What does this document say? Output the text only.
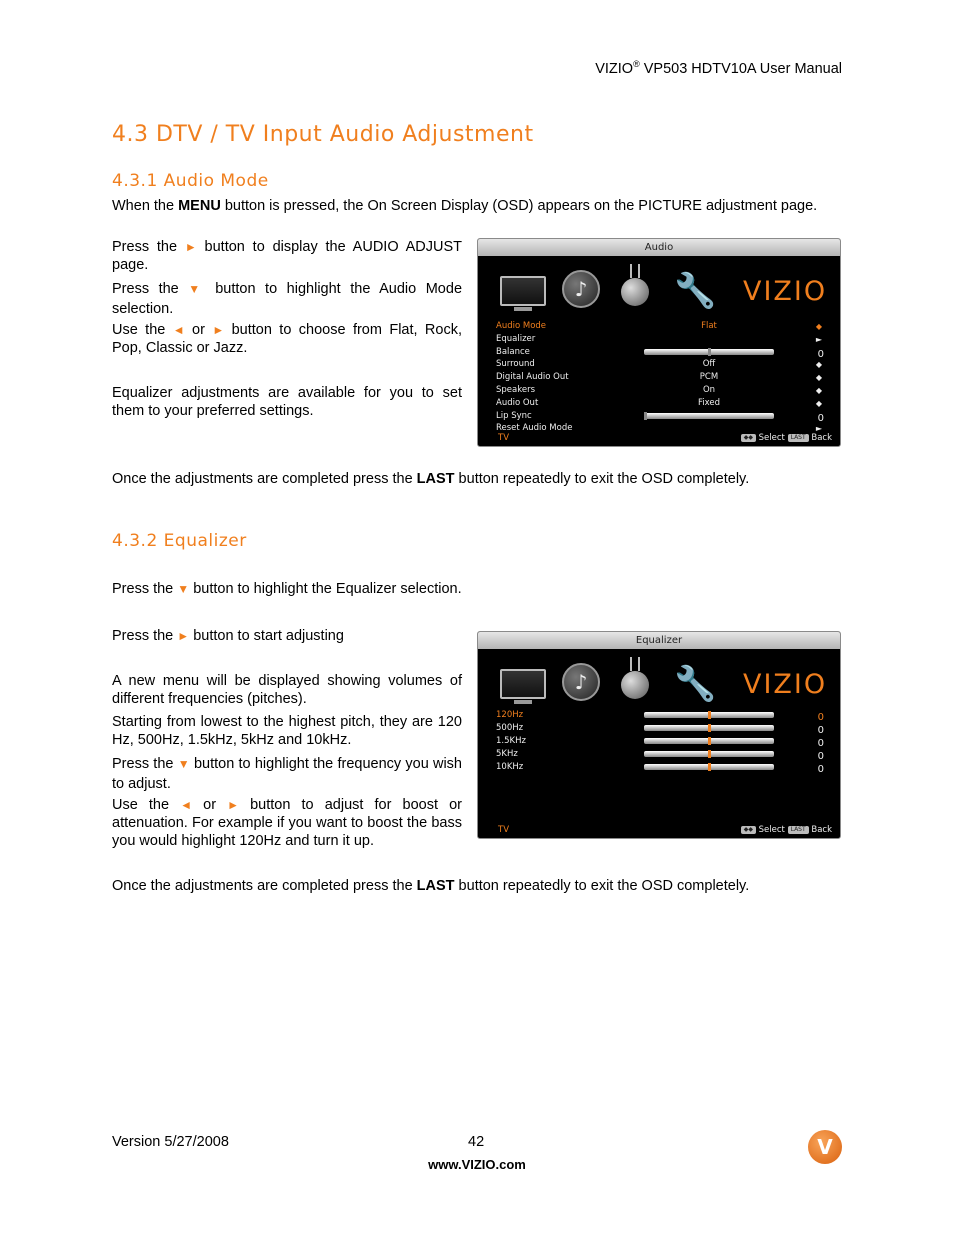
VIZIO® VP503 HDTV10A User Manual
4.3 DTV / TV Input Audio Adjustment
4.3.1 Audio Mode

When the MENU button is pressed, the On Screen Display (OSD) appears on the PICTURE adjustment page.

Press the ► button to display the AUDIO ADJUST page.

Press the ▼ button to highlight the Audio Mode selection.

Use the ◄ or ► button to choose from Flat, Rock, Pop, Classic or Jazz.

Equalizer adjustments are available for you to set them to your preferred settings.

Audio
♪	🔧 VIZIO
Audio Mode	Flat	◆
Equalizer	►
Balance	0
Surround	Off	◆
Digital Audio Out	PCM	◆
Speakers	On	◆
Audio Out	Fixed	◆
Lip Sync	0
Reset Audio Mode	►
TV	◆◆ Select LAST Back

Once the adjustments are completed press the LAST button repeatedly to exit the OSD completely.

4.3.2 Equalizer

Press the ▼ button to highlight the Equalizer selection.

Press the ► button to start adjusting

A new menu will be displayed showing volumes of different frequencies (pitches).

Starting from lowest to the highest pitch, they are 120 Hz, 500Hz, 1.5kHz, 5kHz and 10kHz.

Press the ▼ button to highlight the frequency you wish to adjust.

Use the ◄ or ► button to adjust for boost or attenuation. For example if you want to boost the bass you would highlight 120Hz and turn it up.

Equalizer
♪	🔧 VIZIO
120Hz	0
500Hz	0
1.5KHz	0
5KHz	0
10KHz	0
TV	◆◆ Select LAST Back

Once the adjustments are completed press the LAST button repeatedly to exit the OSD completely.

Version 5/27/2008	42
www.VIZIO.com
V
